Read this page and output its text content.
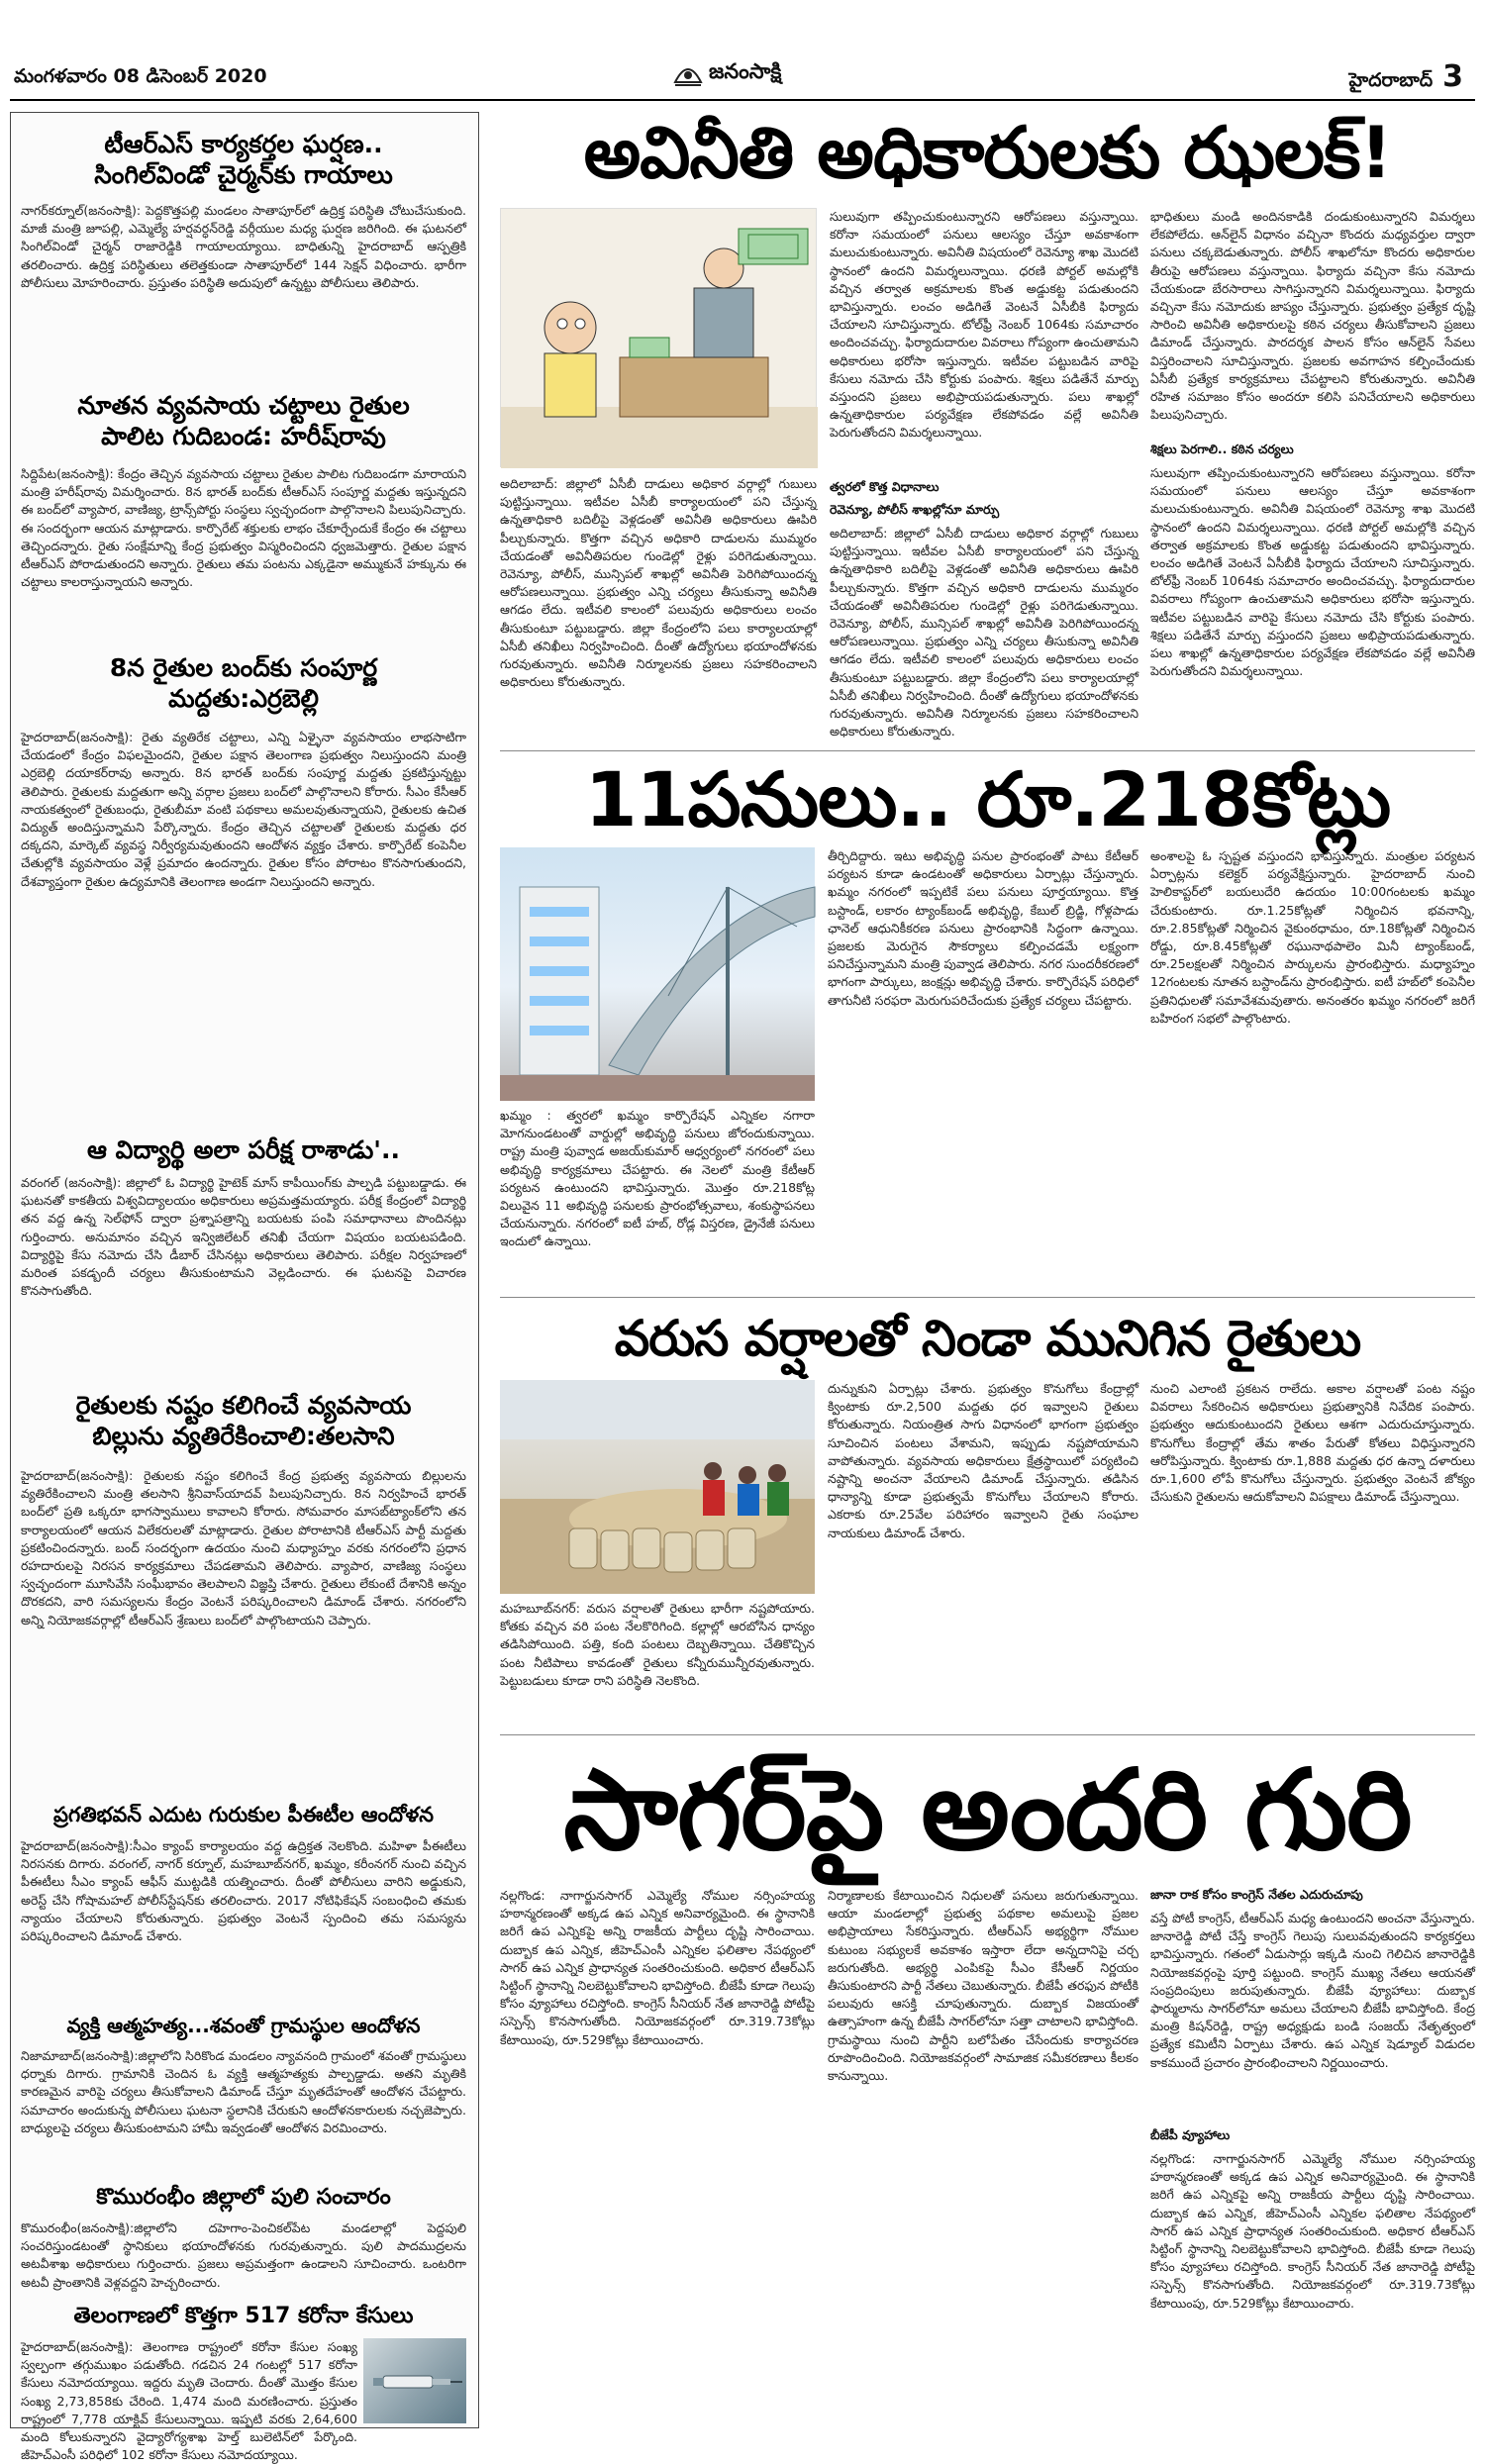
మంగళవారం 08 డిసెంబర్‌ 2020	జనంసాక్షి	హైదరాబాద్‌ 3
టీఆర్‌ఎస్‌ కార్యకర్తల ఘర్షణ..
సింగిల్‌విండో చైర్మన్‌కు గాయాలు
నాగర్‌కర్నూల్‌(జనంసాక్షి): పెద్దకొత్తపల్లి మండలం సాతాపూర్‌లో ఉద్రిక్త పరిస్థితి చోటుచేసుకుంది. మాజీ మంత్రి జూపల్లి, ఎమ్మెల్యే హర్షవర్ధన్‌రెడ్డి వర్గీయుల మధ్య ఘర్షణ జరిగింది. ఈ ఘటనలో సింగిల్‌విండో చైర్మన్‌ రాజారెడ్డికి గాయాలయ్యాయి. బాధితున్ని హైదరాబాద్‌ ఆస్పత్రికి తరలించారు. ఉద్రిక్త పరిస్థితులు తలెత్తకుండా సాతాపూర్‌లో 144 సెక్షన్‌ విధించారు. భారీగా పోలీసులు మోహరించారు. ప్రస్తుతం పరిస్థితి అదుపులో ఉన్నట్టు పోలీసులు తెలిపారు.
నూతన వ్యవసాయ చట్టాలు రైతుల
పాలిట గుదిబండ: హరీష్‌రావు
సిద్దిపేట(జనంసాక్షి): కేంద్రం తెచ్చిన వ్యవసాయ చట్టాలు రైతుల పాలిట గుదిబండగా మారాయని మంత్రి హరీష్‌రావు విమర్శించారు. 8న భారత్‌ బంద్‌కు టీఆర్‌ఎస్‌ సంపూర్ణ మద్దతు ఇస్తున్నదని ఈ బంద్‌లో వ్యాపార, వాణిజ్య, ట్రాన్స్‌పోర్టు సంస్థలు స్వచ్ఛందంగా పాల్గొనాలని పిలుపునిచ్చారు. ఈ సందర్భంగా ఆయన మాట్లాడారు. కార్పొరేట్‌ శక్తులకు లాభం చేకూర్చేందుకే కేంద్రం ఈ చట్టాలు తెచ్చిందన్నారు. రైతు సంక్షేమాన్ని కేంద్ర ప్రభుత్వం విస్మరించిందని ధ్వజమెత్తారు. రైతుల పక్షాన టీఆర్‌ఎస్‌ పోరాడుతుందని అన్నారు. రైతులు తమ పంటను ఎక్కడైనా అమ్ముకునే హక్కును ఈ చట్టాలు కాలరాస్తున్నాయని అన్నారు.
8న రైతుల బంద్‌కు సంపూర్ణ
మద్దతు:ఎర్రబెల్లి
హైదరాబాద్‌(జనంసాక్షి): రైతు వ్యతిరేక చట్టాలు, ఎన్ని ఏళ్ళైనా వ్యవసాయం లాభసాటిగా చేయడంలో కేంద్రం విఫలమైందని, రైతుల పక్షాన తెలంగాణ ప్రభుత్వం నిలుస్తుందని మంత్రి ఎర్రబెల్లి దయాకర్‌రావు అన్నారు. 8న భారత్‌ బంద్‌కు సంపూర్ణ మద్దతు ప్రకటిస్తున్నట్టు తెలిపారు. రైతులకు మద్దతుగా అన్ని వర్గాల ప్రజలు బంద్‌లో పాల్గొనాలని కోరారు. సీఎం కేసీఆర్‌ నాయకత్వంలో రైతుబంధు, రైతుబీమా వంటి పథకాలు అమలవుతున్నాయని, రైతులకు ఉచిత విద్యుత్‌ అందిస్తున్నామని పేర్కొన్నారు. కేంద్రం తెచ్చిన చట్టాలతో రైతులకు మద్దతు ధర దక్కదని, మార్కెట్‌ వ్యవస్థ నిర్వీర్యమవుతుందని ఆందోళన వ్యక్తం చేశారు. కార్పొరేట్‌ కంపెనీల చేతుల్లోకి వ్యవసాయం వెళ్లే ప్రమాదం ఉందన్నారు. రైతుల కోసం పోరాటం కొనసాగుతుందని, దేశవ్యాప్తంగా రైతుల ఉద్యమానికి తెలంగాణ అండగా నిలుస్తుందని అన్నారు.
ఆ విద్యార్థి అలా పరీక్ష రాశాడు'..
వరంగల్‌ (జనంసాక్షి): జిల్లాలో ఓ విద్యార్థి హైటెక్‌ మాస్‌ కాపీయింగ్‌కు పాల్పడి పట్టుబడ్డాడు. ఈ ఘటనతో కాకతీయ విశ్వవిద్యాలయం అధికారులు అప్రమత్తమయ్యారు. పరీక్ష కేంద్రంలో విద్యార్థి తన వద్ద ఉన్న సెల్‌ఫోన్‌ ద్వారా ప్రశ్నాపత్రాన్ని బయటకు పంపి సమాధానాలు పొందినట్లు గుర్తించారు. అనుమానం వచ్చిన ఇన్విజిలేటర్‌ తనిఖీ చేయగా విషయం బయటపడింది. విద్యార్థిపై కేసు నమోదు చేసి డీబార్‌ చేసినట్లు అధికారులు తెలిపారు. పరీక్షల నిర్వహణలో మరింత పకడ్బందీ చర్యలు తీసుకుంటామని వెల్లడించారు. ఈ ఘటనపై విచారణ కొనసాగుతోంది.
రైతులకు నష్టం కలిగించే వ్యవసాయ
బిల్లును వ్యతిరేకించాలి:తలసాని
హైదరాబాద్‌(జనంసాక్షి): రైతులకు నష్టం కలిగించే కేంద్ర ప్రభుత్వ వ్యవసాయ బిల్లులను వ్యతిరేకించాలని మంత్రి తలసాని శ్రీనివాస్‌యాదవ్‌ పిలుపునిచ్చారు. 8న నిర్వహించే భారత్‌ బంద్‌లో ప్రతి ఒక్కరూ భాగస్వాములు కావాలని కోరారు. సోమవారం మాసబ్‌ట్యాంక్‌లోని తన కార్యాలయంలో ఆయన విలేకరులతో మాట్లాడారు. రైతుల పోరాటానికి టీఆర్‌ఎస్‌ పార్టీ మద్దతు ప్రకటించిందన్నారు. బంద్‌ సందర్భంగా ఉదయం నుంచి మధ్యాహ్నం వరకు నగరంలోని ప్రధాన రహదారులపై నిరసన కార్యక్రమాలు చేపడతామని తెలిపారు. వ్యాపార, వాణిజ్య సంస్థలు స్వచ్ఛందంగా మూసివేసి సంఘీభావం తెలపాలని విజ్ఞప్తి చేశారు. రైతులు లేకుంటే దేశానికి అన్నం దొరకదని, వారి సమస్యలను కేంద్రం వెంటనే పరిష్కరించాలని డిమాండ్‌ చేశారు. నగరంలోని అన్ని నియోజకవర్గాల్లో టీఆర్‌ఎస్‌ శ్రేణులు బంద్‌లో పాల్గొంటాయని చెప్పారు.
ప్రగతిభవన్‌ ఎదుట గురుకుల పీఈటీల ఆందోళన
హైదరాబాద్‌(జనంసాక్షి):సీఎం క్యాంప్‌ కార్యాలయం వద్ద ఉద్రిక్తత నెలకొంది. మహిళా పీఈటీలు నిరసనకు దిగారు. వరంగల్‌, నాగర్‌ కర్నూల్‌, మహబూబ్‌నగర్‌, ఖమ్మం, కరీంనగర్‌ నుంచి వచ్చిన పీఈటీలు సీఎం క్యాంప్‌ ఆఫీస్‌ ముట్టడికి యత్నించారు. దీంతో పోలీసులు వారిని అడ్డుకుని, అరెస్ట్‌ చేసి గోషామహల్‌ పోలీస్‌స్టేషన్‌కు తరలించారు. 2017 నోటిఫికేషన్‌ సంబంధించి తమకు న్యాయం చేయాలని కోరుతున్నారు. ప్రభుత్వం వెంటనే స్పందించి తమ సమస్యను పరిష్కరించాలని డిమాండ్‌ చేశారు.
వ్యక్తి ఆత్మహత్య...శవంతో గ్రామస్థుల ఆందోళన
నిజామాబాద్‌(జనంసాక్షి):జిల్లాలోని సిరికొండ మండలం న్యావనంది గ్రామంలో శవంతో గ్రామస్థులు ధర్నాకు దిగారు. గ్రామానికి చెందిన ఓ వ్యక్తి ఆత్మహత్యకు పాల్పడ్డాడు. అతని మృతికి కారణమైన వారిపై చర్యలు తీసుకోవాలని డిమాండ్‌ చేస్తూ మృతదేహంతో ఆందోళన చేపట్టారు. సమాచారం అందుకున్న పోలీసులు ఘటనా స్థలానికి చేరుకుని ఆందోళనకారులకు నచ్చజెప్పారు. బాధ్యులపై చర్యలు తీసుకుంటామని హామీ ఇవ్వడంతో ఆందోళన విరమించారు.
కొమురంభీం జిల్లాలో పులి సంచారం
కొమురంభీం(జనంసాక్షి):జిల్లాలోని దహెగాం-పెంచికల్‌పేట మండలాల్లో పెద్దపులి సంచరిస్తుండటంతో స్థానికులు భయాందోళనకు గురవుతున్నారు. పులి పాదముద్రలను అటవీశాఖ అధికారులు గుర్తించారు. ప్రజలు అప్రమత్తంగా ఉండాలని సూచించారు. ఒంటరిగా అటవీ ప్రాంతానికి వెళ్లవద్దని హెచ్చరించారు.
తెలంగాణలో కొత్తగా 517 కరోనా కేసులు
హైదరాబాద్‌(జనంసాక్షి): తెలంగాణ రాష్ట్రంలో కరోనా కేసుల సంఖ్య స్వల్పంగా తగ్గుముఖం పడుతోంది. గడచిన 24 గంటల్లో 517 కరోనా కేసులు నమోదయ్యాయి. ఇద్దరు మృతి చెందారు. దీంతో మొత్తం కేసుల సంఖ్య 2,73,858కు చేరింది. 1,474 మంది మరణించారు. ప్రస్తుతం రాష్ట్రంలో 7,778 యాక్టివ్‌ కేసులున్నాయి. ఇప్పటి వరకు 2,64,600 మంది కోలుకున్నారని వైద్యారోగ్యశాఖ హెల్త్‌ బులెటిన్‌లో పేర్కొంది. జీహెచ్‌ఎంసీ పరిధిలో 102 కరోనా కేసులు నమోదయ్యాయి.
అవినీతి అధికారులకు ఝలక్‌!
అదిలాబాద్‌: జిల్లాలో ఏసీబీ దాడులు అధికార వర్గాల్లో గుబులు పుట్టిస్తున్నాయి. ఇటీవల ఏసీబీ కార్యాలయంలో పని చేస్తున్న ఉన్నతాధికారి బదిలీపై వెళ్లడంతో అవినీతి అధికారులు ఊపిరి పీల్చుకున్నారు. కొత్తగా వచ్చిన అధికారి దాడులను ముమ్మరం చేయడంతో అవినీతిపరుల గుండెల్లో రైళ్లు పరిగెడుతున్నాయి. రెవెన్యూ, పోలీస్‌, మున్సిపల్‌ శాఖల్లో అవినీతి పెరిగిపోయిందన్న ఆరోపణలున్నాయి. ప్రభుత్వం ఎన్ని చర్యలు తీసుకున్నా అవినీతి ఆగడం లేదు. ఇటీవలి కాలంలో పలువురు అధికారులు లంచం తీసుకుంటూ పట్టుబడ్డారు. జిల్లా కేంద్రంలోని పలు కార్యాలయాల్లో ఏసీబీ తనిఖీలు నిర్వహించింది. దీంతో ఉద్యోగులు భయాందోళనకు గురవుతున్నారు. అవినీతి నిర్మూలనకు ప్రజలు సహకరించాలని అధికారులు కోరుతున్నారు.
సులువుగా తప్పించుకుంటున్నారని ఆరోపణలు వస్తున్నాయి. కరోనా సమయంలో పనులు ఆలస్యం చేస్తూ అవకాశంగా మలుచుకుంటున్నారు. అవినీతి విషయంలో రెవెన్యూ శాఖ మొదటి స్థానంలో ఉందని విమర్శలున్నాయి. ధరణి పోర్టల్‌ అమల్లోకి వచ్చిన తర్వాత అక్రమాలకు కొంత అడ్డుకట్ట పడుతుందని భావిస్తున్నారు. లంచం అడిగితే వెంటనే ఏసీబీకి ఫిర్యాదు చేయాలని సూచిస్తున్నారు. టోల్‌ఫ్రీ నెంబర్‌ 1064కు సమాచారం అందించవచ్చు. ఫిర్యాదుదారుల వివరాలు గోప్యంగా ఉంచుతామని అధికారులు భరోసా ఇస్తున్నారు. ఇటీవల పట్టుబడిన వారిపై కేసులు నమోదు చేసి కోర్టుకు పంపారు. శిక్షలు పడితేనే మార్పు వస్తుందని ప్రజలు అభిప్రాయపడుతున్నారు. పలు శాఖల్లో ఉన్నతాధికారుల పర్యవేక్షణ లేకపోవడం వల్లే అవినీతి పెరుగుతోందని విమర్శలున్నాయి.
త్వరలో కొత్త విధానాలు
రెవెన్యూ, పోలీస్‌ శాఖల్లోనూ మార్పు
అదిలాబాద్‌: జిల్లాలో ఏసీబీ దాడులు అధికార వర్గాల్లో గుబులు పుట్టిస్తున్నాయి. ఇటీవల ఏసీబీ కార్యాలయంలో పని చేస్తున్న ఉన్నతాధికారి బదిలీపై వెళ్లడంతో అవినీతి అధికారులు ఊపిరి పీల్చుకున్నారు. కొత్తగా వచ్చిన అధికారి దాడులను ముమ్మరం చేయడంతో అవినీతిపరుల గుండెల్లో రైళ్లు పరిగెడుతున్నాయి. రెవెన్యూ, పోలీస్‌, మున్సిపల్‌ శాఖల్లో అవినీతి పెరిగిపోయిందన్న ఆరోపణలున్నాయి. ప్రభుత్వం ఎన్ని చర్యలు తీసుకున్నా అవినీతి ఆగడం లేదు. ఇటీవలి కాలంలో పలువురు అధికారులు లంచం తీసుకుంటూ పట్టుబడ్డారు. జిల్లా కేంద్రంలోని పలు కార్యాలయాల్లో ఏసీబీ తనిఖీలు నిర్వహించింది. దీంతో ఉద్యోగులు భయాందోళనకు గురవుతున్నారు. అవినీతి నిర్మూలనకు ప్రజలు సహకరించాలని అధికారులు కోరుతున్నారు.
భాధితులు మండి అందినకాడికి దండుకుంటున్నారని విమర్శలు లేకపోలేదు. ఆన్‌లైన్‌ విధానం వచ్చినా కొందరు మధ్యవర్తుల ద్వారా పనులు చక్కబెడుతున్నారు. పోలీస్‌ శాఖలోనూ కొందరు అధికారుల తీరుపై ఆరోపణలు వస్తున్నాయి. ఫిర్యాదు వచ్చినా కేసు నమోదు చేయకుండా బేరసారాలు సాగిస్తున్నారని విమర్శలున్నాయి. ఫిర్యాదు వచ్చినా కేసు నమోదుకు జాప్యం చేస్తున్నారు. ప్రభుత్వం ప్రత్యేక దృష్టి సారించి అవినీతి అధికారులపై కఠిన చర్యలు తీసుకోవాలని ప్రజలు డిమాండ్‌ చేస్తున్నారు. పారదర్శక పాలన కోసం ఆన్‌లైన్‌ సేవలు విస్తరించాలని సూచిస్తున్నారు. ప్రజలకు అవగాహన కల్పించేందుకు ఏసీబీ ప్రత్యేక కార్యక్రమాలు చేపట్టాలని కోరుతున్నారు. అవినీతి రహిత సమాజం కోసం అందరూ కలిసి పనిచేయాలని అధికారులు పిలుపునిచ్చారు.
శిక్షలు పెరగాలి.. కఠిన చర్యలు
సులువుగా తప్పించుకుంటున్నారని ఆరోపణలు వస్తున్నాయి. కరోనా సమయంలో పనులు ఆలస్యం చేస్తూ అవకాశంగా మలుచుకుంటున్నారు. అవినీతి విషయంలో రెవెన్యూ శాఖ మొదటి స్థానంలో ఉందని విమర్శలున్నాయి. ధరణి పోర్టల్‌ అమల్లోకి వచ్చిన తర్వాత అక్రమాలకు కొంత అడ్డుకట్ట పడుతుందని భావిస్తున్నారు. లంచం అడిగితే వెంటనే ఏసీబీకి ఫిర్యాదు చేయాలని సూచిస్తున్నారు. టోల్‌ఫ్రీ నెంబర్‌ 1064కు సమాచారం అందించవచ్చు. ఫిర్యాదుదారుల వివరాలు గోప్యంగా ఉంచుతామని అధికారులు భరోసా ఇస్తున్నారు. ఇటీవల పట్టుబడిన వారిపై కేసులు నమోదు చేసి కోర్టుకు పంపారు. శిక్షలు పడితేనే మార్పు వస్తుందని ప్రజలు అభిప్రాయపడుతున్నారు. పలు శాఖల్లో ఉన్నతాధికారుల పర్యవేక్షణ లేకపోవడం వల్లే అవినీతి పెరుగుతోందని విమర్శలున్నాయి.
11పనులు.. రూ.218కోట్లు
ఖమ్మం : త్వరలో ఖమ్మం కార్పొరేషన్‌ ఎన్నికల నగారా మోగనుండటంతో వార్డుల్లో అభివృద్ధి పనులు జోరందుకున్నాయి. రాష్ట్ర మంత్రి పువ్వాడ అజయ్‌కుమార్‌ ఆధ్వర్యంలో నగరంలో పలు అభివృద్ధి కార్యక్రమాలు చేపట్టారు. ఈ నెలలో మంత్రి కేటీఆర్‌ పర్యటన ఉంటుందని భావిస్తున్నారు. మొత్తం రూ.218కోట్ల విలువైన 11 అభివృద్ధి పనులకు ప్రారంభోత్సవాలు, శంకుస్థాపనలు చేయనున్నారు. నగరంలో ఐటీ హబ్‌, రోడ్ల విస్తరణ, డ్రైనేజీ పనులు ఇందులో ఉన్నాయి.
తీర్చిదిద్దారు. ఇటు అభివృద్ధి పనుల ప్రారంభంతో పాటు కేటీఆర్‌ పర్యటన కూడా ఉండటంతో అధికారులు ఏర్పాట్లు చేస్తున్నారు. ఖమ్మం నగరంలో ఇప్పటికే పలు పనులు పూర్తయ్యాయి. కొత్త బస్టాండ్‌, లకారం ట్యాంక్‌బండ్‌ అభివృద్ధి, కేబుల్‌ బ్రిడ్జి, గోళ్లపాడు ఛానెల్‌ ఆధునికీకరణ పనులు ప్రారంభానికి సిద్ధంగా ఉన్నాయి. ప్రజలకు మెరుగైన సౌకర్యాలు కల్పించడమే లక్ష్యంగా పనిచేస్తున్నామని మంత్రి పువ్వాడ తెలిపారు. నగర సుందరీకరణలో భాగంగా పార్కులు, జంక్షన్లు అభివృద్ధి చేశారు. కార్పొరేషన్‌ పరిధిలో తాగునీటి సరఫరా మెరుగుపరిచేందుకు ప్రత్యేక చర్యలు చేపట్టారు.
అంశాలపై ఓ స్పష్టత వస్తుందని భావిస్తున్నారు. మంత్రుల పర్యటన ఏర్పాట్లను కలెక్టర్‌ పర్యవేక్షిస్తున్నారు. హైదరాబాద్‌ నుంచి హెలికాప్టర్‌లో బయలుదేరి ఉదయం 10:00గంటలకు ఖమ్మం చేరుకుంటారు. రూ.1.25కోట్లతో నిర్మించిన భవనాన్ని, రూ.2.85కోట్లతో నిర్మించిన వైకుంఠధామం, రూ.18కోట్లతో నిర్మించిన రోడ్డు, రూ.8.45కోట్లతో రఘునాథపాలెం మినీ ట్యాంక్‌బండ్‌, రూ.25లక్షలతో నిర్మించిన పార్కులను ప్రారంభిస్తారు. మధ్యాహ్నం 12గంటలకు నూతన బస్టాండ్‌ను ప్రారంభిస్తారు. ఐటీ హబ్‌లో కంపెనీల ప్రతినిధులతో సమావేశమవుతారు. అనంతరం ఖమ్మం నగరంలో జరిగే బహిరంగ సభలో పాల్గొంటారు.
వరుస వర్షాలతో నిండా మునిగిన రైతులు
మహబూబ్‌నగర్‌: వరుస వర్షాలతో రైతులు భారీగా నష్టపోయారు. కోతకు వచ్చిన వరి పంట నేలకొరిగింది. కల్లాల్లో ఆరబోసిన ధాన్యం తడిసిపోయింది. పత్తి, కంది పంటలు దెబ్బతిన్నాయి. చేతికొచ్చిన పంట నీటిపాలు కావడంతో రైతులు కన్నీరుమున్నీరవుతున్నారు. పెట్టుబడులు కూడా రాని పరిస్థితి నెలకొంది.
దున్నుకుని ఏర్పాట్లు చేశారు. ప్రభుత్వం కొనుగోలు కేంద్రాల్లో క్వింటాకు రూ.2,500 మద్దతు ధర ఇవ్వాలని రైతులు కోరుతున్నారు. నియంత్రిత సాగు విధానంలో భాగంగా ప్రభుత్వం సూచించిన పంటలు వేశామని, ఇప్పుడు నష్టపోయామని వాపోతున్నారు. వ్యవసాయ అధికారులు క్షేత్రస్థాయిలో పర్యటించి నష్టాన్ని అంచనా వేయాలని డిమాండ్‌ చేస్తున్నారు. తడిసిన ధాన్యాన్ని కూడా ప్రభుత్వమే కొనుగోలు చేయాలని కోరారు. ఎకరాకు రూ.25వేల పరిహారం ఇవ్వాలని రైతు సంఘాల నాయకులు డిమాండ్‌ చేశారు.
నుంచి ఎలాంటి ప్రకటన రాలేదు. అకాల వర్షాలతో పంట నష్టం వివరాలు సేకరించిన అధికారులు ప్రభుత్వానికి నివేదిక పంపారు. ప్రభుత్వం ఆదుకుంటుందని రైతులు ఆశగా ఎదురుచూస్తున్నారు. కొనుగోలు కేంద్రాల్లో తేమ శాతం పేరుతో కోతలు విధిస్తున్నారని ఆరోపిస్తున్నారు. క్వింటాకు రూ.1,888 మద్దతు ధర ఉన్నా దళారులు రూ.1,600 లోపే కొనుగోలు చేస్తున్నారు. ప్రభుత్వం వెంటనే జోక్యం చేసుకుని రైతులను ఆదుకోవాలని విపక్షాలు డిమాండ్‌ చేస్తున్నాయి.
సాగర్‌పై అందరి గురి
నల్లగొండ: నాగార్జునసాగర్‌ ఎమ్మెల్యే నోముల నర్సింహయ్య హఠాన్మరణంతో అక్కడ ఉప ఎన్నిక అనివార్యమైంది. ఈ స్థానానికి జరిగే ఉప ఎన్నికపై అన్ని రాజకీయ పార్టీలు దృష్టి సారించాయి. దుబ్బాక ఉప ఎన్నిక, జీహెచ్‌ఎంసీ ఎన్నికల ఫలితాల నేపథ్యంలో సాగర్‌ ఉప ఎన్నిక ప్రాధాన్యత సంతరించుకుంది. అధికార టీఆర్‌ఎస్‌ సిట్టింగ్‌ స్థానాన్ని నిలబెట్టుకోవాలని భావిస్తోంది. బీజేపీ కూడా గెలుపు కోసం వ్యూహాలు రచిస్తోంది. కాంగ్రెస్‌ సీనియర్‌ నేత జానారెడ్డి పోటీపై సస్పెన్స్‌ కొనసాగుతోంది. నియోజకవర్గంలో రూ.319.73కోట్లు కేటాయింపు, రూ.529కోట్లు కేటాయించారు.
నిర్మాణాలకు కేటాయించిన నిధులతో పనులు జరుగుతున్నాయి. ఆయా మండలాల్లో ప్రభుత్వ పథకాల అమలుపై ప్రజల అభిప్రాయాలు సేకరిస్తున్నారు. టీఆర్‌ఎస్‌ అభ్యర్థిగా నోముల కుటుంబ సభ్యులకే అవకాశం ఇస్తారా లేదా అన్నదానిపై చర్చ జరుగుతోంది. అభ్యర్థి ఎంపికపై సీఎం కేసీఆర్‌ నిర్ణయం తీసుకుంటారని పార్టీ నేతలు చెబుతున్నారు. బీజేపీ తరఫున పోటీకి పలువురు ఆసక్తి చూపుతున్నారు. దుబ్బాక విజయంతో ఉత్సాహంగా ఉన్న బీజేపీ సాగర్‌లోనూ సత్తా చాటాలని భావిస్తోంది. గ్రామస్థాయి నుంచి పార్టీని బలోపేతం చేసేందుకు కార్యాచరణ రూపొందించింది. నియోజకవర్గంలో సామాజిక సమీకరణాలు కీలకం కానున్నాయి.
జానా రాక కోసం కాంగ్రెస్‌ నేతల ఎదురుచూపు
వస్తే పోటీ కాంగ్రెస్‌, టీఆర్‌ఎస్‌ మధ్య ఉంటుందని అంచనా వేస్తున్నారు. జానారెడ్డి పోటీ చేస్తే కాంగ్రెస్‌ గెలుపు సులువవుతుందని కార్యకర్తలు భావిస్తున్నారు. గతంలో ఏడుసార్లు ఇక్కడి నుంచి గెలిచిన జానారెడ్డికి నియోజకవర్గంపై పూర్తి పట్టుంది. కాంగ్రెస్‌ ముఖ్య నేతలు ఆయనతో సంప్రదింపులు జరుపుతున్నారు. బీజేపీ వ్యూహాలు: దుబ్బాక ఫార్ములాను సాగర్‌లోనూ అమలు చేయాలని బీజేపీ భావిస్తోంది. కేంద్ర మంత్రి కిషన్‌రెడ్డి, రాష్ట్ర అధ్యక్షుడు బండి సంజయ్‌ నేతృత్వంలో ప్రత్యేక కమిటీని ఏర్పాటు చేశారు. ఉప ఎన్నిక షెడ్యూల్‌ విడుదల కాకముందే ప్రచారం ప్రారంభించాలని నిర్ణయించారు.
బీజేపీ వ్యూహాలు
నల్లగొండ: నాగార్జునసాగర్‌ ఎమ్మెల్యే నోముల నర్సింహయ్య హఠాన్మరణంతో అక్కడ ఉప ఎన్నిక అనివార్యమైంది. ఈ స్థానానికి జరిగే ఉప ఎన్నికపై అన్ని రాజకీయ పార్టీలు దృష్టి సారించాయి. దుబ్బాక ఉప ఎన్నిక, జీహెచ్‌ఎంసీ ఎన్నికల ఫలితాల నేపథ్యంలో సాగర్‌ ఉప ఎన్నిక ప్రాధాన్యత సంతరించుకుంది. అధికార టీఆర్‌ఎస్‌ సిట్టింగ్‌ స్థానాన్ని నిలబెట్టుకోవాలని భావిస్తోంది. బీజేపీ కూడా గెలుపు కోసం వ్యూహాలు రచిస్తోంది. కాంగ్రెస్‌ సీనియర్‌ నేత జానారెడ్డి పోటీపై సస్పెన్స్‌ కొనసాగుతోంది. నియోజకవర్గంలో రూ.319.73కోట్లు కేటాయింపు, రూ.529కోట్లు కేటాయించారు.
